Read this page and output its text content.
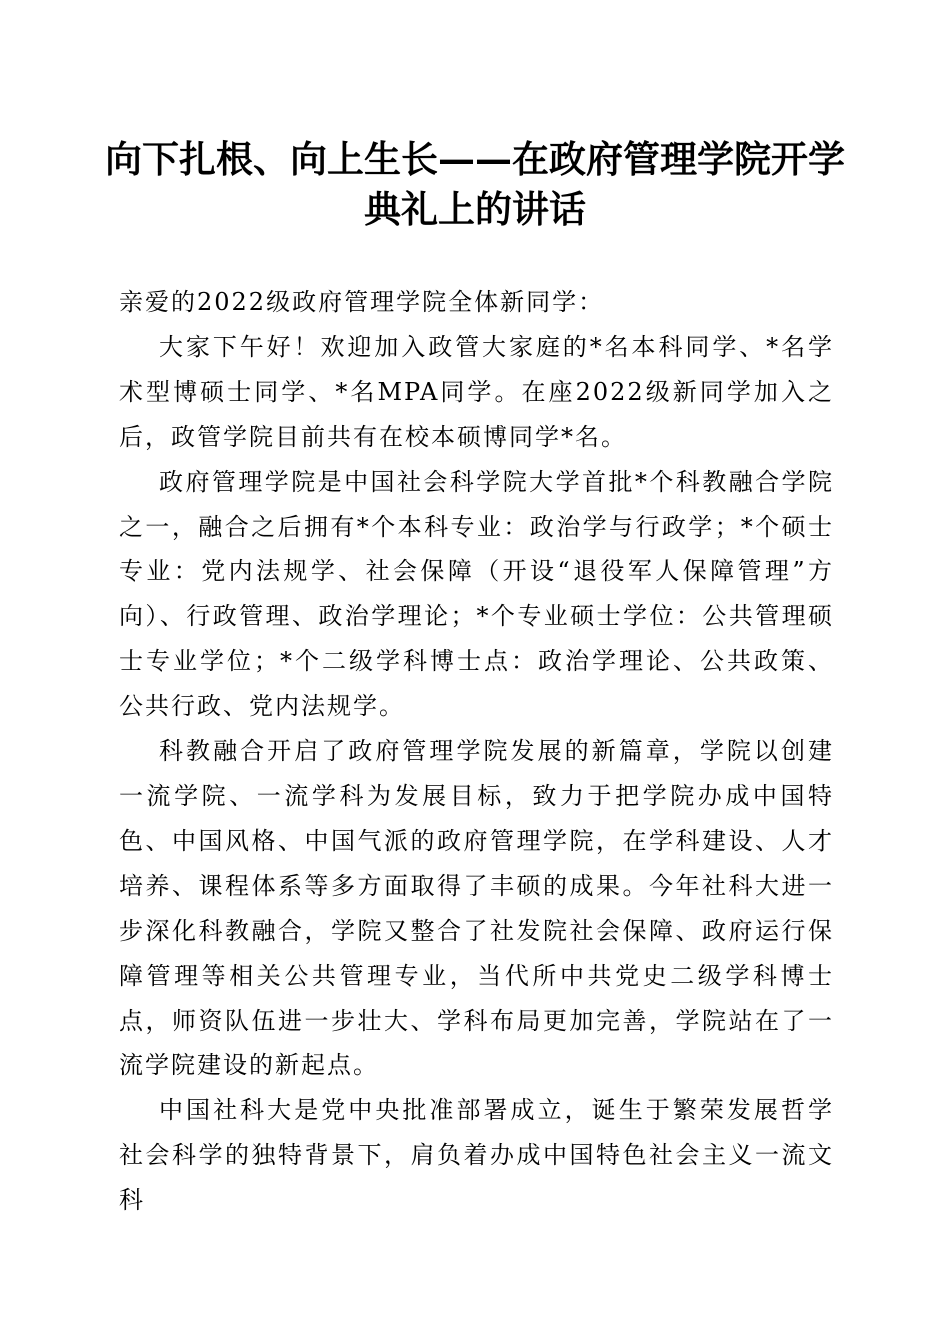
向下扎根、向上生长——在政府管理学院开学
典礼上的讲话

亲爱的2022级政府管理学院全体新同学：

大家下午好！欢迎加入政管大家庭的*名本科同学、*名学术型博硕士同学、*名MPA同学。在座2022级新同学加入之后，政管学院目前共有在校本硕博同学*名。

政府管理学院是中国社会科学院大学首批*个科教融合学院之一，融合之后拥有*个本科专业：政治学与行政学；*个硕士专业：党内法规学、社会保障（开设“退役军人保障管理”方向）、行政管理、政治学理论；*个专业硕士学位：公共管理硕士专业学位；*个二级学科博士点：政治学理论、公共政策、公共行政、党内法规学。

科教融合开启了政府管理学院发展的新篇章，学院以创建一流学院、一流学科为发展目标，致力于把学院办成中国特色、中国风格、中国气派的政府管理学院，在学科建设、人才培养、课程体系等多方面取得了丰硕的成果。今年社科大进一步深化科教融合，学院又整合了社发院社会保障、政府运行保障管理等相关公共管理专业，当代所中共党史二级学科博士点，师资队伍进一步壮大、学科布局更加完善，学院站在了一流学院建设的新起点。

中国社科大是党中央批准部署成立，诞生于繁荣发展哲学社会科学的独特背景下，肩负着办成中国特色社会主义一流文科
